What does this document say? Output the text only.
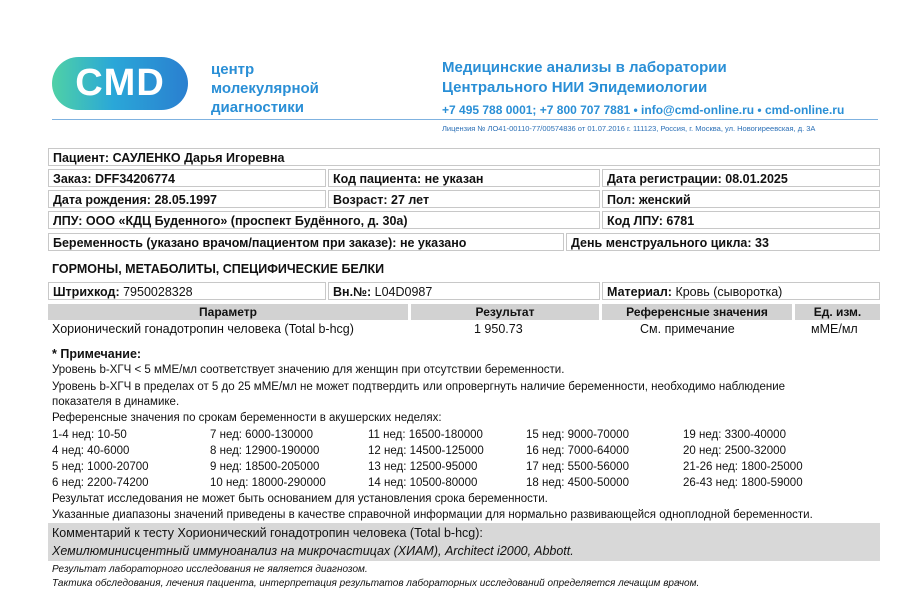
CMD	центр
молекулярной
диагностики
Медицинские анализы в лаборатории
Центрального НИИ Эпидемиологии
+7 495 788 0001; +7 800 707 7881 • info@cmd-online.ru • cmd-online.ru
Лицензия № ЛО41-00110-77/00574836 от 01.07.2016 г. 111123, Россия, г. Москва, ул. Новогиреевская, д. 3А
Пациент: САУЛЕНКО Дарья Игоревна
Заказ: DFF34206774	Код пациента: не указан	Дата регистрации: 08.01.2025
Дата рождения: 28.05.1997	Возраст: 27 лет	Пол: женский
ЛПУ: ООО «КДЦ Буденного» (проспект Будённого, д. 30а)	Код ЛПУ: 6781
Беременность (указано врачом/пациентом при заказе): не указано	День менструального цикла: 33
ГОРМОНЫ, МЕТАБОЛИТЫ, СПЕЦИФИЧЕСКИЕ БЕЛКИ
Штрихкод: 7950028328	Вн.№: L04D0987	Материал: Кровь (сыворотка)
Параметр	Результат	Референсные значения	Ед. изм.
Хорионический гонадотропин человека (Total b-hcg)	1 950.73	См. примечание	мМЕ/мл
* Примечание:
Уровень b-ХГЧ < 5 мМЕ/мл соответствует значению для женщин при отсутствии беременности.
Уровень b-ХГЧ в пределах от 5 до 25 мМЕ/мл не может подтвердить или опровергнуть наличие беременности, необходимо наблюдение
показателя в динамике.
Референсные значения по срокам беременности в акушерских неделях:
1-4 нед: 10-50	7 нед: 6000-130000	11 нед: 16500-180000	15 нед: 9000-70000	19 нед: 3300-40000
4 нед: 40-6000	8 нед: 12900-190000	12 нед: 14500-125000	16 нед: 7000-64000	20 нед: 2500-32000
5 нед: 1000-20700	9 нед: 18500-205000	13 нед: 12500-95000	17 нед: 5500-56000	21-26 нед: 1800-25000
6 нед: 2200-74200	10 нед: 18000-290000	14 нед: 10500-80000	18 нед: 4500-50000	26-43 нед: 1800-59000
Результат исследования не может быть основанием для установления срока беременности.
Указанные диапазоны значений приведены в качестве справочной информации для нормально развивающейся одноплодной беременности.
Комментарий к тесту Хорионический гонадотропин человека (Total b-hcg):
Хемилюминисцентный иммуноанализ на микрочастицах (ХИАМ), Architect i2000, Abbott.
Результат лабораторного исследования не является диагнозом.
Тактика обследования, лечения пациента, интерпретация результатов лабораторных исследований определяется лечащим врачом.
